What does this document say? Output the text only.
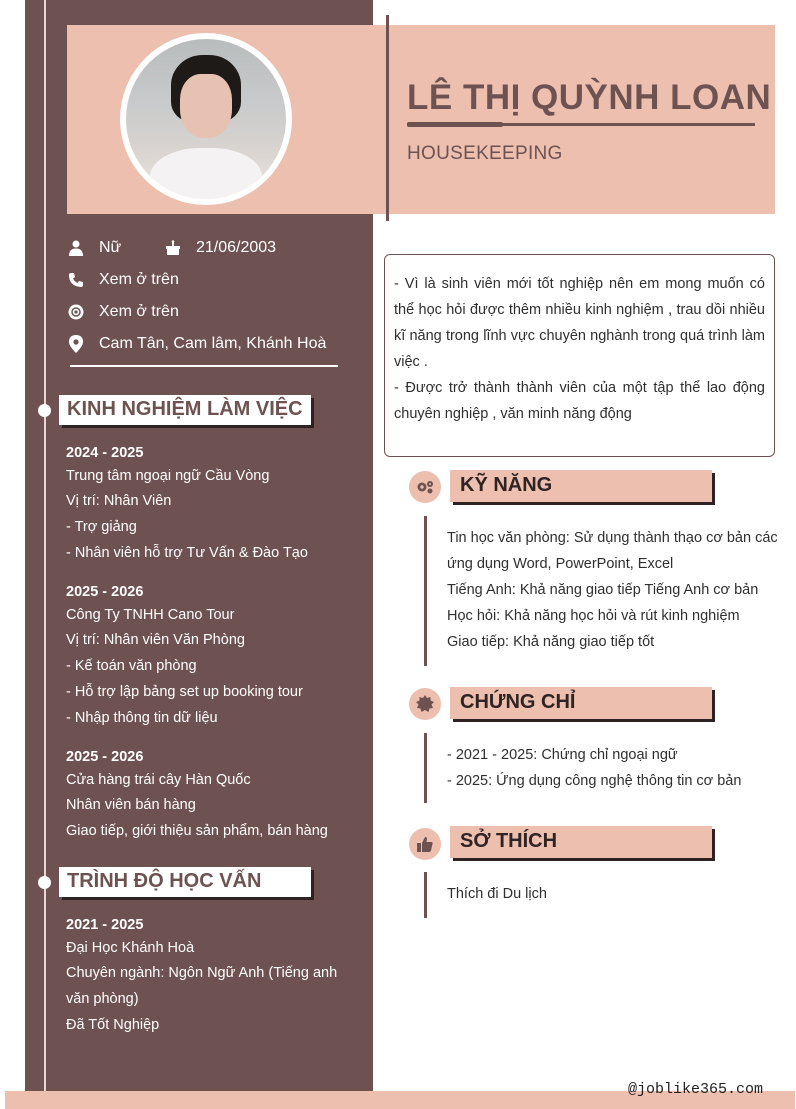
LÊ THỊ QUỲNH LOAN
HOUSEKEEPING
Nữ	21/06/2003
Xem ở trên
Xem ở trên
Cam Tân, Cam lâm, Khánh Hoà
KINH NGHIỆM LÀM VIỆC
2024 - 2025
Trung tâm ngoại ngữ Cầu Vòng
Vị trí: Nhân Viên
- Trợ giảng
- Nhân viên hỗ trợ Tư Vấn & Đào Tạo
2025 - 2026
Công Ty TNHH Cano Tour
Vị trí: Nhân viên Văn Phòng
- Kế toán văn phòng
- Hỗ trợ lập bảng set up booking tour
- Nhập thông tin dữ liệu
2025 - 2026
Cửa hàng trái cây Hàn Quốc
Nhân viên bán hàng
Giao tiếp, giới thiệu sản phẩm, bán hàng
TRÌNH ĐỘ HỌC VẤN
2021 - 2025
Đại Học Khánh Hoà
Chuyên ngành: Ngôn Ngữ Anh (Tiếng anh
văn phòng)
Đã Tốt Nghiệp

- Vì là sinh viên mới tốt nghiệp nên em mong muốn có thể học hỏi được thêm nhiều kinh nghiệm , trau dồi nhiều kĩ năng trong lĩnh vực chuyên nghành trong quá trình làm việc .

- Được trở thành thành viên của một tập thể lao động chuyên nghiệp , văn minh năng động

KỸ NĂNG
Tin học văn phòng: Sử dụng thành thạo cơ bản các
ứng dụng Word, PowerPoint, Excel
Tiếng Anh: Khả năng giao tiếp Tiếng Anh cơ bản
Học hỏi: Khả năng học hỏi và rút kinh nghiệm
Giao tiếp: Khả năng giao tiếp tốt
CHỨNG CHỈ
- 2021 - 2025: Chứng chỉ ngoại ngữ
- 2025: Ứng dụng công nghệ thông tin cơ bản
SỞ THÍCH
Thích đi Du lịch
@joblike365.com
